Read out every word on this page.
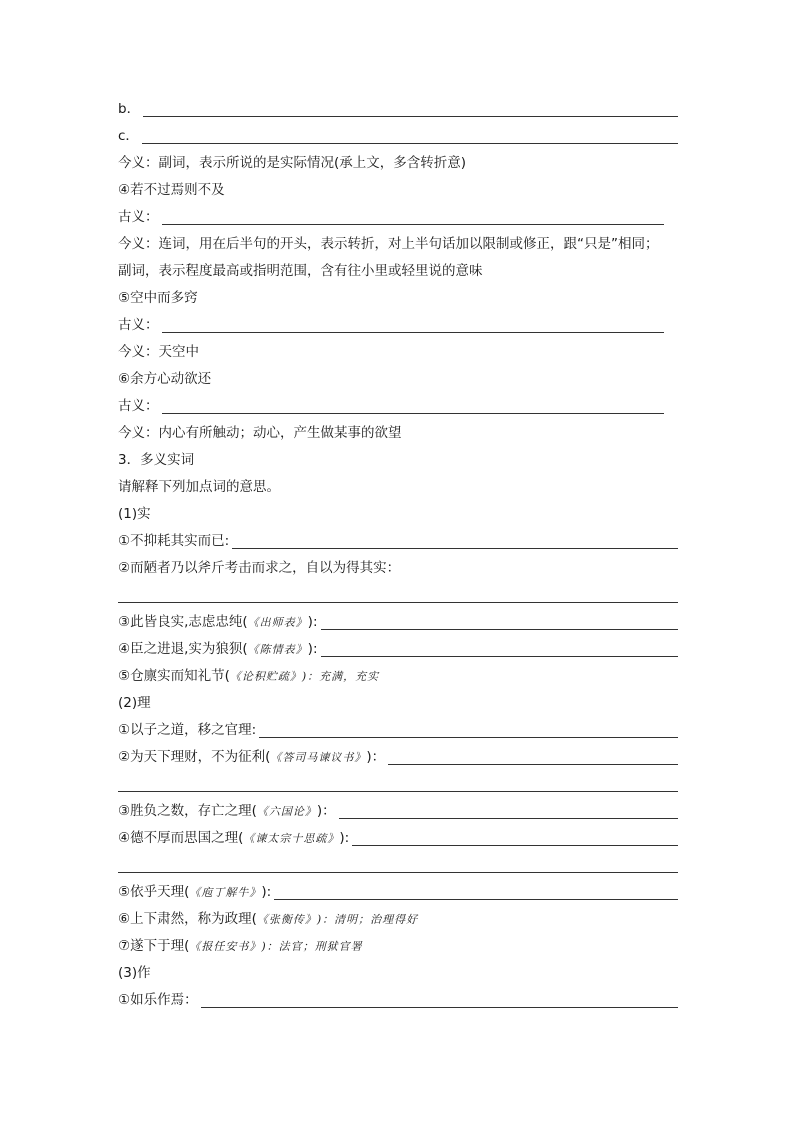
b．
c．
今义：副词，表示所说的是实际情况(承上文，多含转折意)
④若不过焉则不及
古义：
今义：连词，用在后半句的开头，表示转折，对上半句话加以限制或修正，跟“只是”相同；
副词，表示程度最高或指明范围，含有往小里或轻里说的意味
⑤空中而多窍
古义：
今义：天空中
⑥余方心动欲还
古义：
今义：内心有所触动；动心，产生做某事的欲望
3．多义实词
请解释下列加点词的意思。
(1)实
①不抑耗其实而已:
②而陋者乃以斧斤考击而求之，自以为得其实：
③此皆良实,志虑忠纯( 《出师表》 ):
④臣之进退,实为狼狈( 《陈情表》 ):
⑤仓廪实而知礼节( 《论积贮疏》 )：充满，充实
(2)理
①以子之道，移之官理:
②为天下理财，不为征利( 《答司马谏议书》 )：
③胜负之数，存亡之理( 《六国论》 )：
④德不厚而思国之理( 《谏太宗十思疏》 ):
⑤依乎天理( 《庖丁解牛》 ):
⑥上下肃然，称为政理( 《张衡传》 )：清明；治理得好
⑦遂下于理( 《报任安书》 )：法官；刑狱官署
(3)作
①如乐作焉：
